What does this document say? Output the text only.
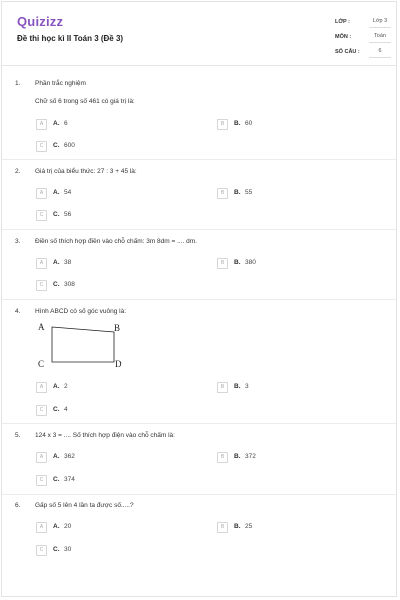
Quizizz
Đề thi học kì II Toán 3 (Đề 3)
LỚP :	Lớp 3
MÔN :	Toán
SỐ CÂU :	6
1. Phần trắc nghiệm
Chữ số 6 trong số 461 có giá trị là:
A	A. 6	B	B. 60
C	C. 600
2. Giá trị của biểu thức: 27 : 3 + 45 là:
A	A. 54	B	B. 55
C	C. 56
3. Điền số thích hợp điền vào chỗ chấm: 3m 8dm = .... dm.
A	A. 38	B	B. 380
C	C. 308
4. Hình ABCD có số góc vuông là:
A	B
C	D
A	A. 2	B	B. 3
C	C. 4
5. 124 x 3 = .... Số thích hợp điện vào chỗ chấm là:
A	A. 362	B	B. 372
C	C. 374
6. Gấp số 5 lên 4 lần ta được số.....?
A	A. 20	B	B. 25
C	C. 30
